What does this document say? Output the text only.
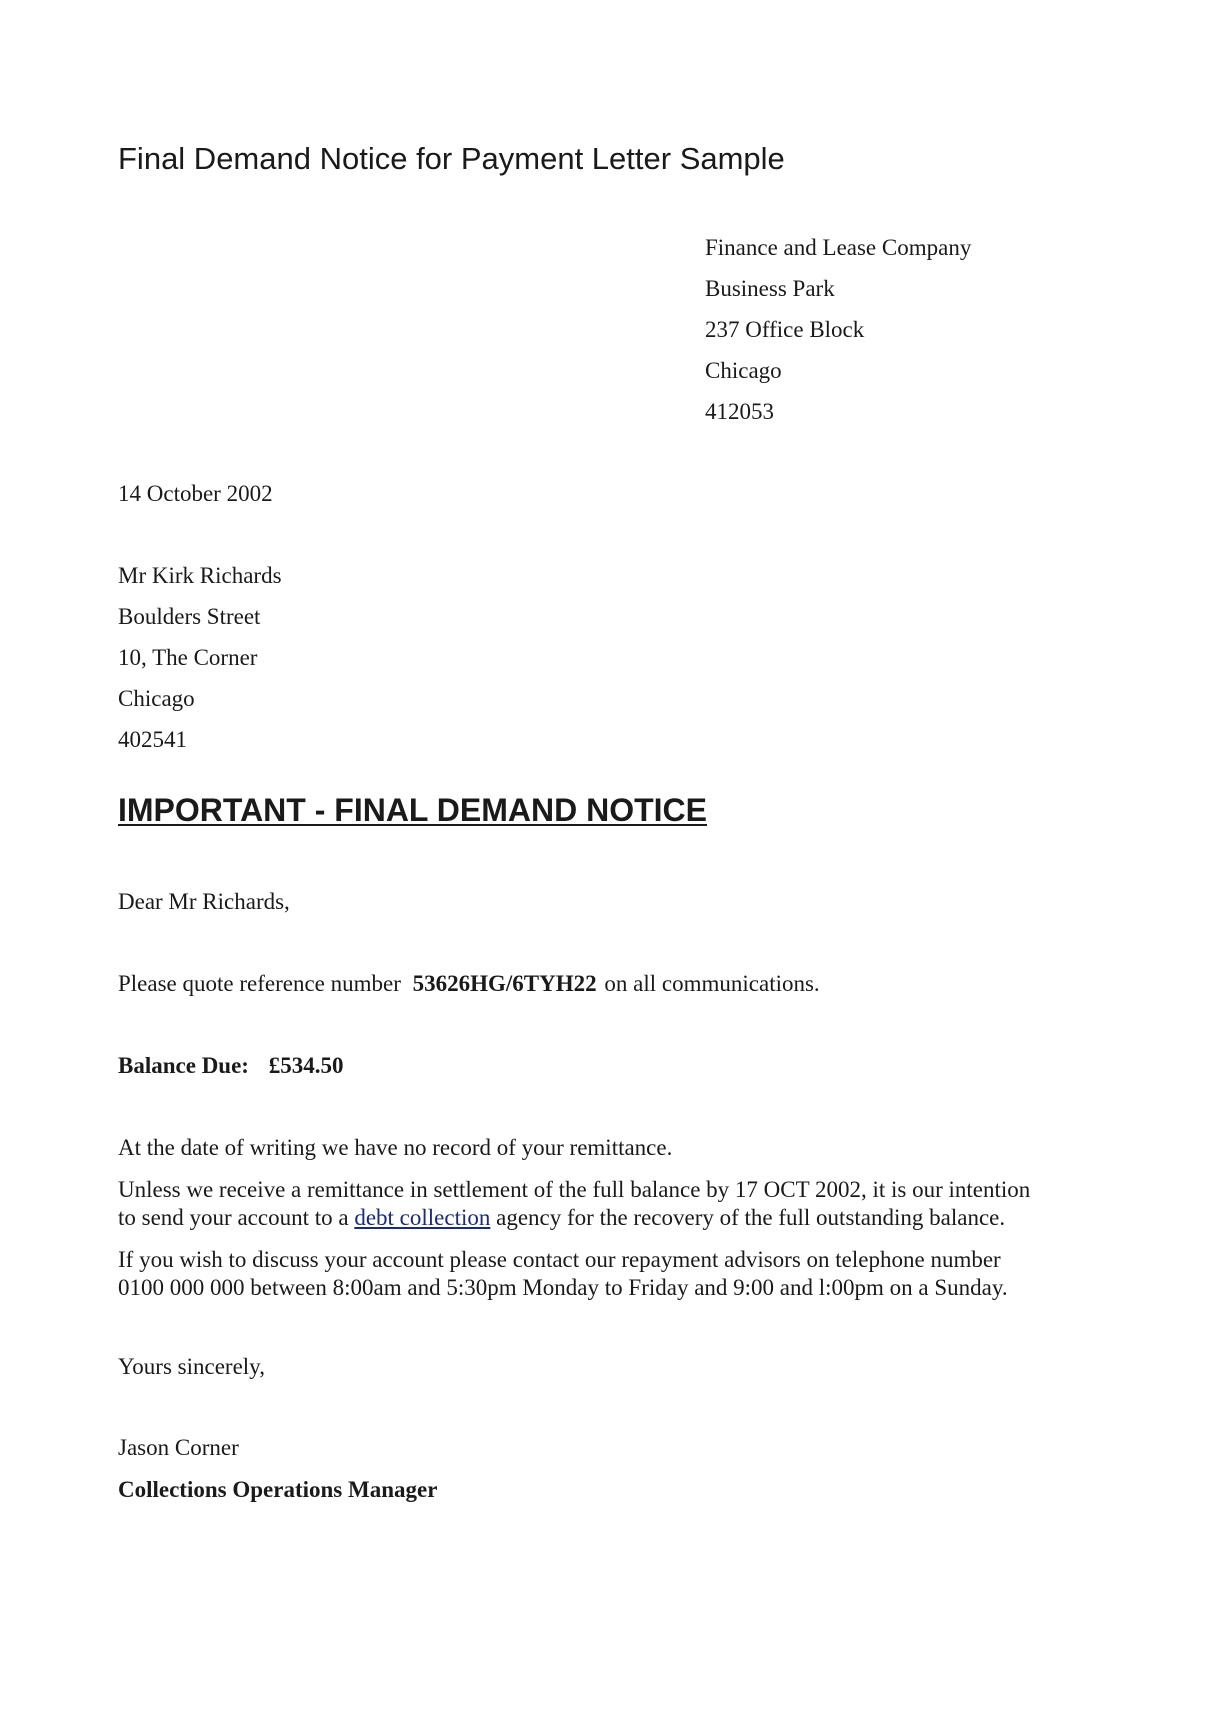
Final Demand Notice for Payment Letter Sample
Finance and Lease Company
Business Park
237 Office Block
Chicago
412053
14 October 2002
Mr Kirk Richards
Boulders Street
10, The Corner
Chicago
402541
IMPORTANT - FINAL DEMAND NOTICE
Dear Mr Richards,
Please quote reference number 53626HG/6TYH22 on all communications.
Balance Due: £534.50
At the date of writing we have no record of your remittance.
Unless we receive a remittance in settlement of the full balance by 17 OCT 2002, it is our intention
to send your account to a debt collection agency for the recovery of the full outstanding balance.
If you wish to discuss your account please contact our repayment advisors on telephone number
0100 000 000 between 8:00am and 5:30pm Monday to Friday and 9:00 and l:00pm on a Sunday.
Yours sincerely,
Jason Corner
Collections Operations Manager
